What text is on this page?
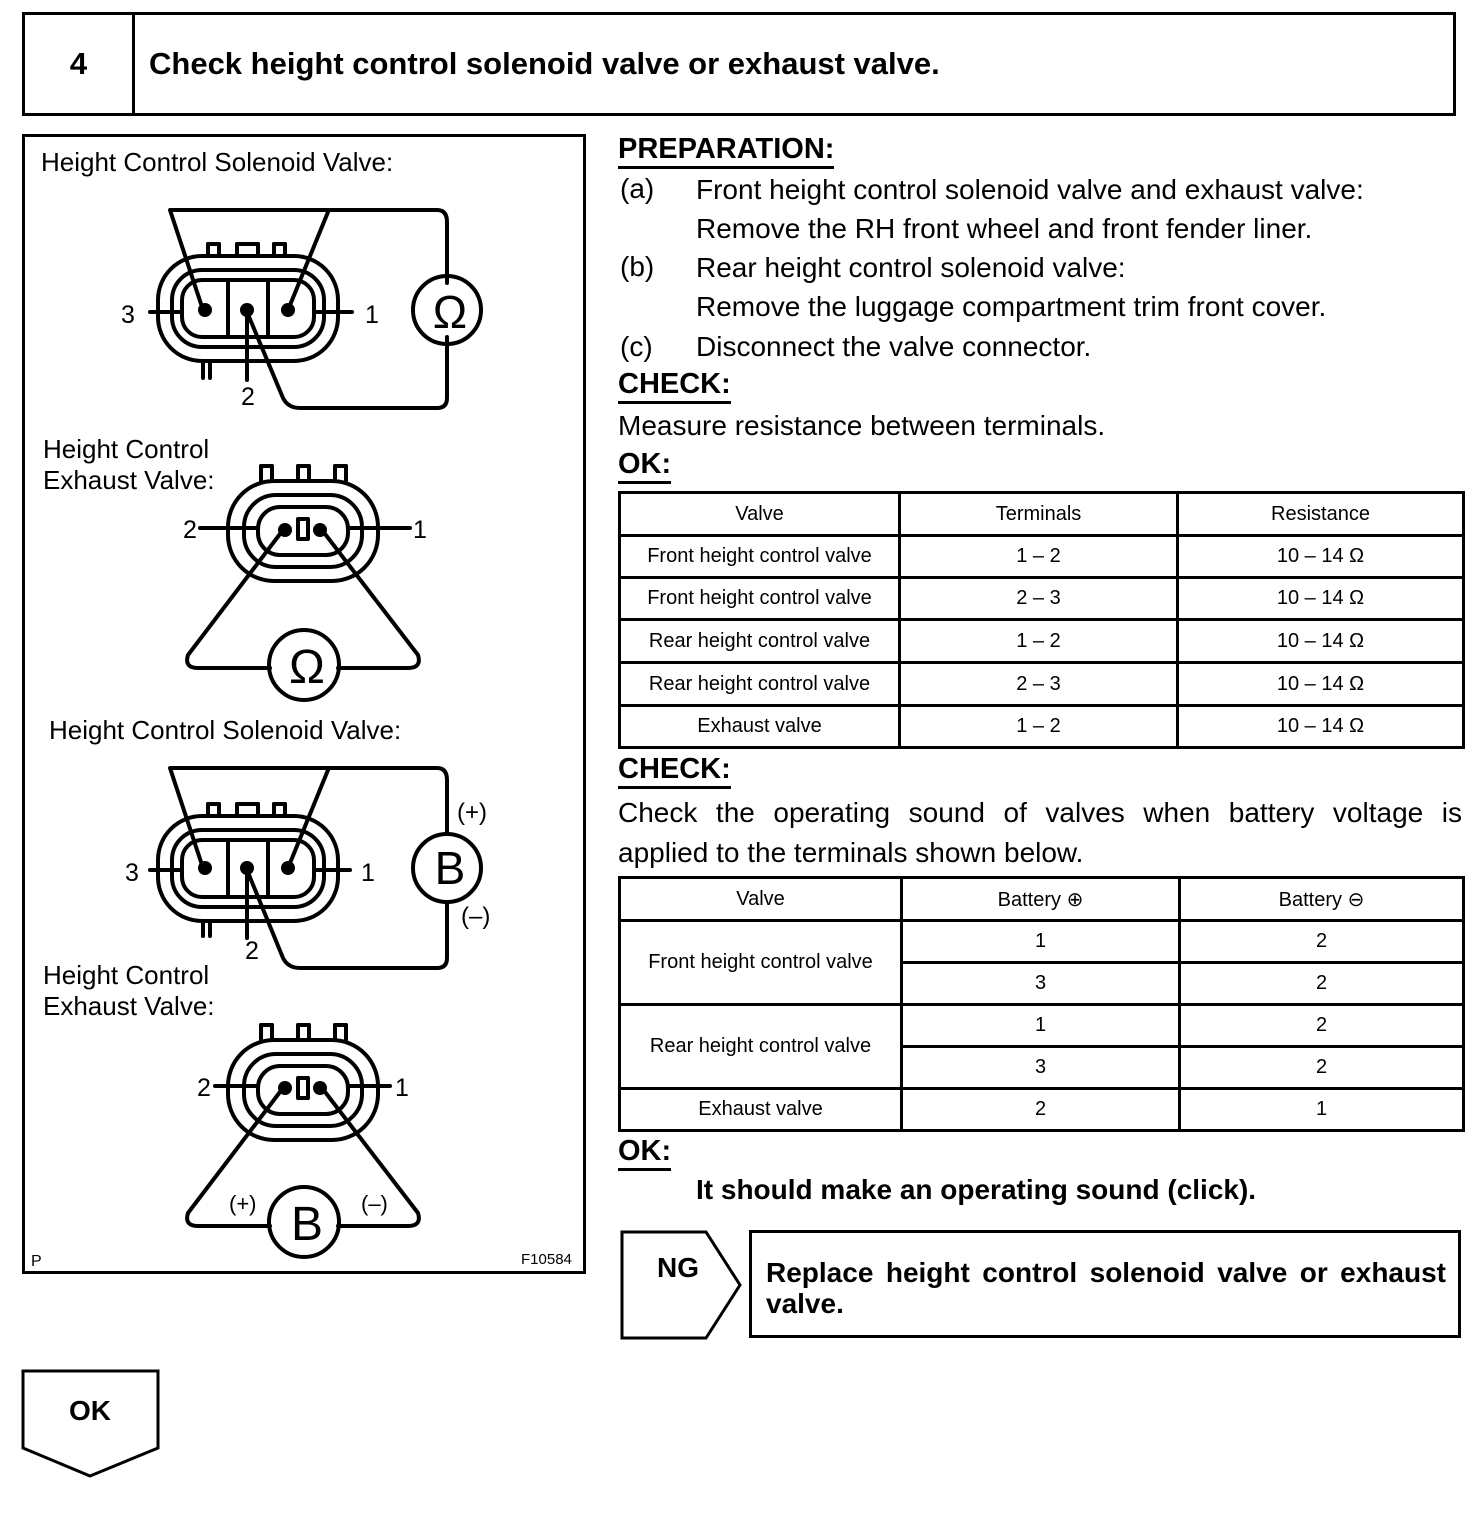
4	Check height control solenoid valve or exhaust valve.
Height Control Solenoid Valve:
3	1
2
Ω
Height Control
Exhaust Valve:
2	1
Ω
Height Control Solenoid Valve:
3	1
2
B
(+)
(–)
Height Control
Exhaust Valve:
2	1
B
(+)	(–)
P	F10584
PREPARATION:
(a) Front height control solenoid valve and exhaust valve:
Remove the RH front wheel and front fender liner.
(b) Rear height control solenoid valve:
Remove the luggage compartment trim front cover.
(c) Disconnect the valve connector.
CHECK:
Measure resistance between terminals.
OK:
Valve	Terminals	Resistance
Front height control valve	1 – 2	10 – 14 Ω
Front height control valve	2 – 3	10 – 14 Ω
Rear height control valve	1 – 2	10 – 14 Ω
Rear height control valve	2 – 3	10 – 14 Ω
Exhaust valve	1 – 2	10 – 14 Ω
CHECK:
Check the operating sound of valves when battery voltage is applied to the terminals shown below.
Valve	Battery ⊕	Battery ⊖
Front height control valve	1	2
	3	2
Rear height control valve	1	2
	3	2
Exhaust valve	2	1
OK:
It should make an operating sound (click).
NG	Replace height control solenoid valve or exhaust valve.
OK
